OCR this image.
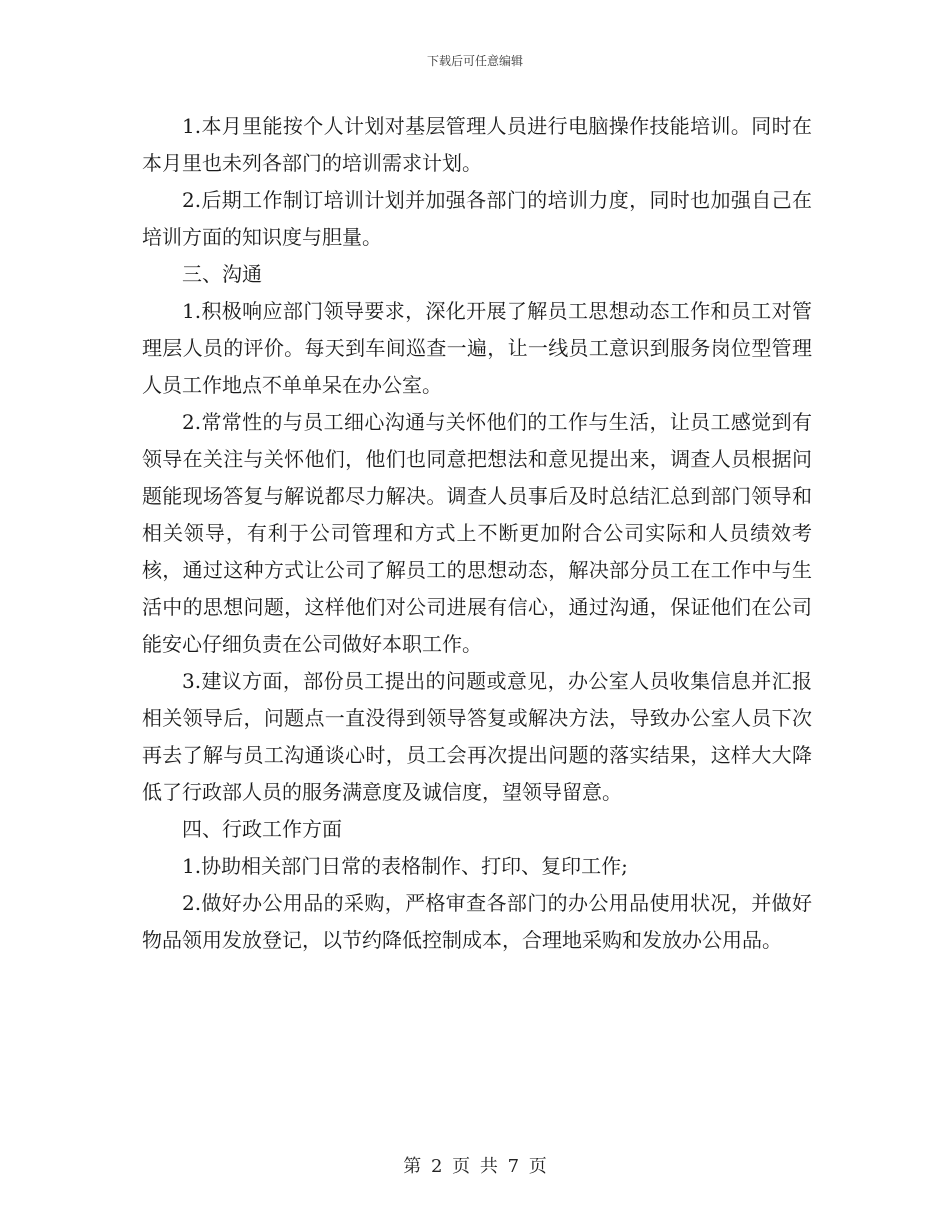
下载后可任意编辑

1.本月里能按个人计划对基层管理人员进行电脑操作技能培训。同时在本月里也未列各部门的培训需求计划。

2.后期工作制订培训计划并加强各部门的培训力度，同时也加强自己在培训方面的知识度与胆量。

三、沟通

1.积极响应部门领导要求，深化开展了解员工思想动态工作和员工对管理层人员的评价。每天到车间巡查一遍，让一线员工意识到服务岗位型管理人员工作地点不单单呆在办公室。

2.常常性的与员工细心沟通与关怀他们的工作与生活，让员工感觉到有领导在关注与关怀他们，他们也同意把想法和意见提出来，调查人员根据问题能现场答复与解说都尽力解决。调查人员事后及时总结汇总到部门领导和相关领导，有利于公司管理和方式上不断更加附合公司实际和人员绩效考核，通过这种方式让公司了解员工的思想动态，解决部分员工在工作中与生活中的思想问题，这样他们对公司进展有信心，通过沟通，保证他们在公司能安心仔细负责在公司做好本职工作。

3.建议方面，部份员工提出的问题或意见，办公室人员收集信息并汇报相关领导后，问题点一直没得到领导答复或解决方法，导致办公室人员下次再去了解与员工沟通谈心时，员工会再次提出问题的落实结果，这样大大降低了行政部人员的服务满意度及诚信度，望领导留意。

四、行政工作方面

1.协助相关部门日常的表格制作、打印、复印工作;

2.做好办公用品的采购，严格审查各部门的办公用品使用状况，并做好物品领用发放登记，以节约降低控制成本，合理地采购和发放办公用品。

第 2 页 共 7 页
